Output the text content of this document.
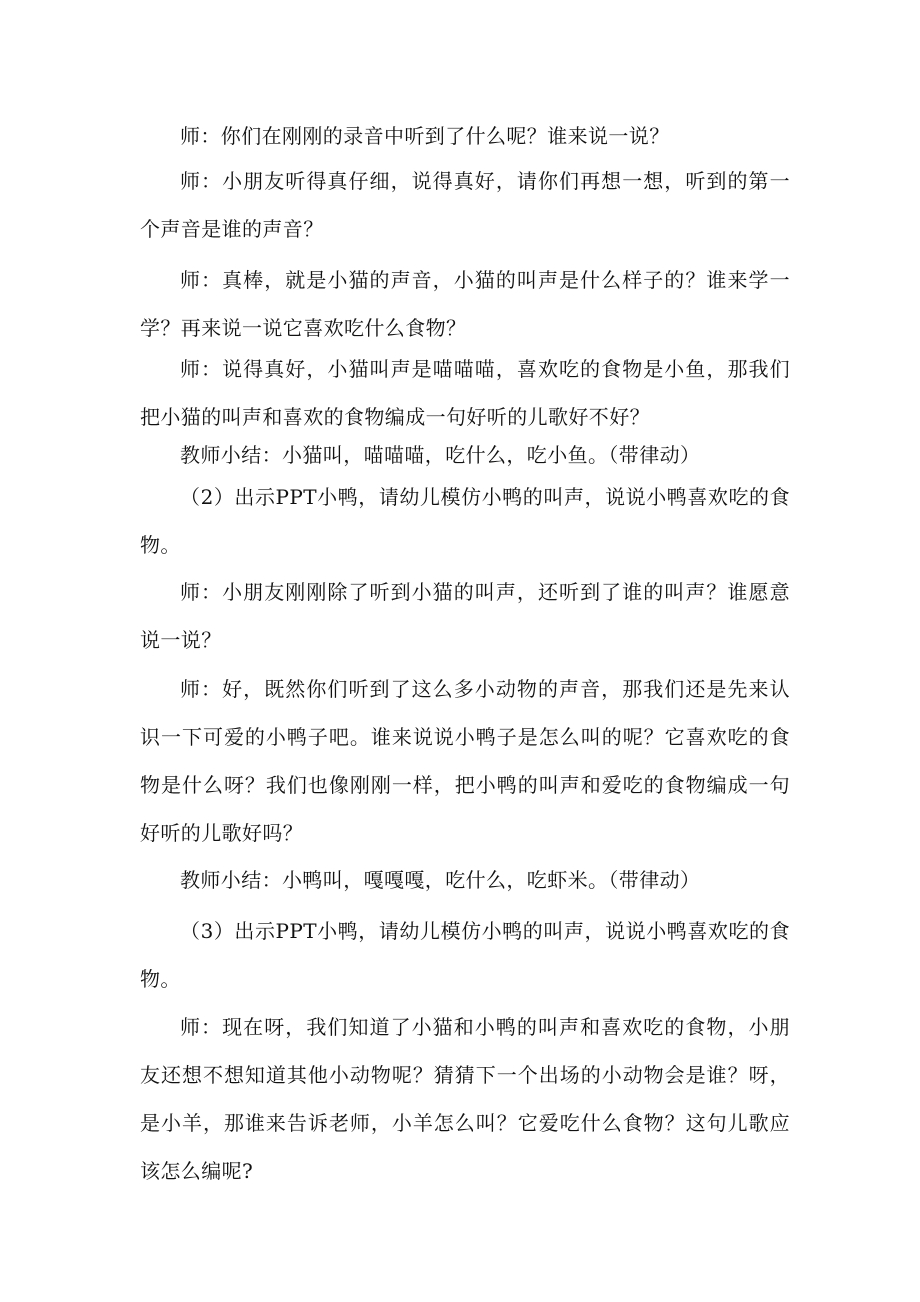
师：你们在刚刚的录音中听到了什么呢？谁来说一说？

师：小朋友听得真仔细，说得真好，请你们再想一想，听到的第一个声音是谁的声音？

师：真棒，就是小猫的声音，小猫的叫声是什么样子的？谁来学一学？再来说一说它喜欢吃什么食物？

师：说得真好，小猫叫声是喵喵喵，喜欢吃的食物是小鱼，那我们把小猫的叫声和喜欢的食物编成一句好听的儿歌好不好？

教师小结：小猫叫，喵喵喵，吃什么，吃小鱼。（带律动）

（2）出示PPT小鸭，请幼儿模仿小鸭的叫声，说说小鸭喜欢吃的食物。

师：小朋友刚刚除了听到小猫的叫声，还听到了谁的叫声？谁愿意说一说？

师：好，既然你们听到了这么多小动物的声音，那我们还是先来认识一下可爱的小鸭子吧。谁来说说小鸭子是怎么叫的呢？它喜欢吃的食物是什么呀？我们也像刚刚一样，把小鸭的叫声和爱吃的食物编成一句好听的儿歌好吗？

教师小结：小鸭叫，嘎嘎嘎，吃什么，吃虾米。（带律动）

（3）出示PPT小鸭，请幼儿模仿小鸭的叫声，说说小鸭喜欢吃的食物。

师：现在呀，我们知道了小猫和小鸭的叫声和喜欢吃的食物，小朋友还想不想知道其他小动物呢？猜猜下一个出场的小动物会是谁？呀，是小羊，那谁来告诉老师，小羊怎么叫？它爱吃什么食物？这句儿歌应该怎么编呢?
